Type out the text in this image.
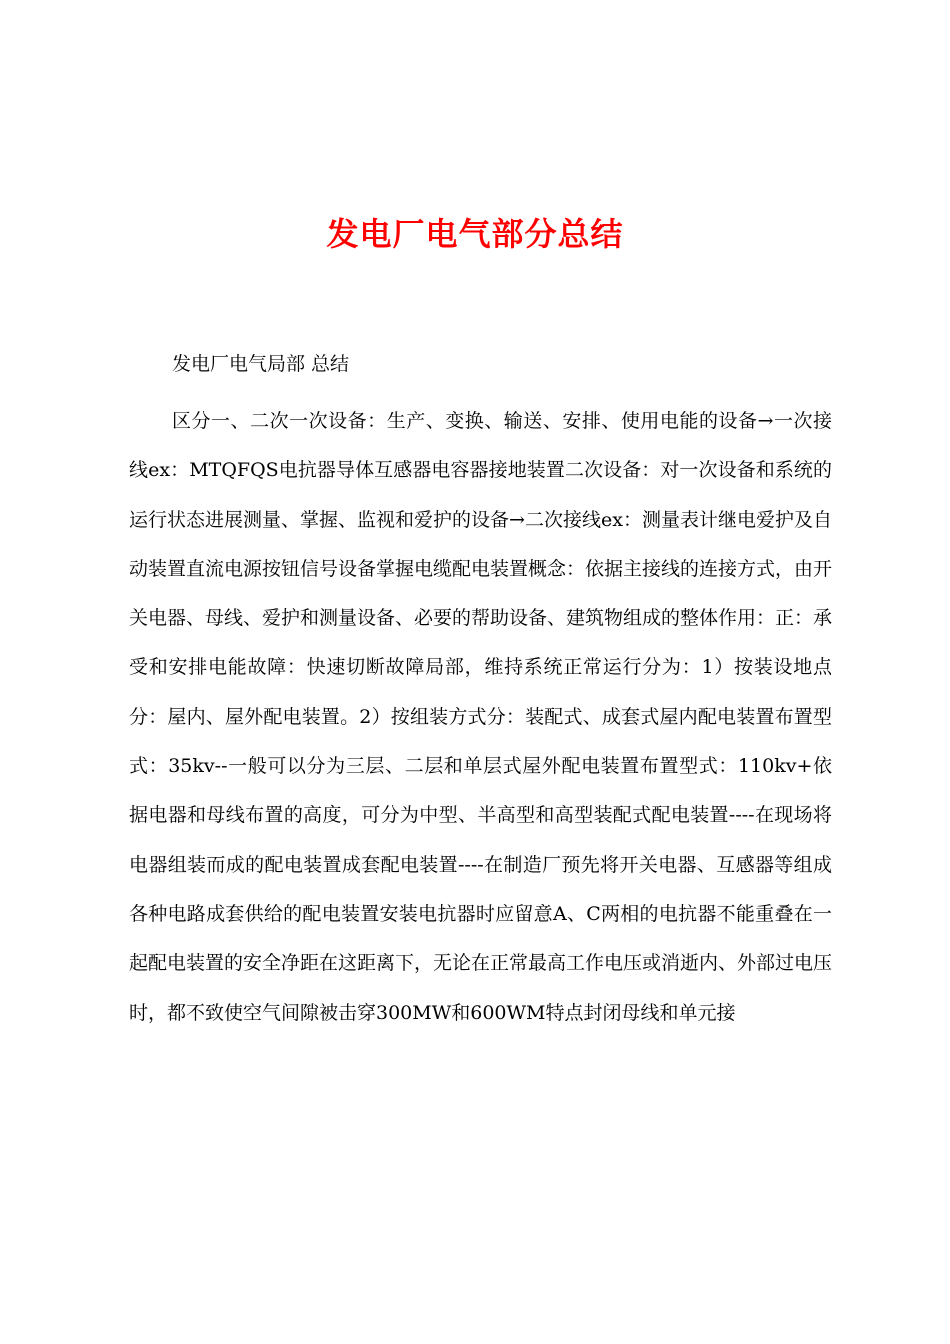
发电厂电气部分总结

发电厂电气局部 总结

区分一、二次一次设备：生产、变换、输送、安排、使用电能的设备→一次接线ex：MTQFQS电抗器导体互感器电容器接地装置二次设备：对一次设备和系统的运行状态进展测量、掌握、监视和爱护的设备→二次接线ex：测量表计继电爱护及自动装置直流电源按钮信号设备掌握电缆配电装置概念：依据主接线的连接方式，由开关电器、母线、爱护和测量设备、必要的帮助设备、建筑物组成的整体作用：正：承受和安排电能故障：快速切断故障局部，维持系统正常运行分为：1）按装设地点分：屋内、屋外配电装置。2）按组装方式分：装配式、成套式屋内配电装置布置型式：35kv--一般可以分为三层、二层和单层式屋外配电装置布置型式：110kv+依据电器和母线布置的高度，可分为中型、半高型和高型装配式配电装置----在现场将电器组装而成的配电装置成套配电装置----在制造厂预先将开关电器、互感器等组成各种电路成套供给的配电装置安装电抗器时应留意A、C两相的电抗器不能重叠在一起配电装置的安全净距在这距离下，无论在正常最高工作电压或消逝内、外部过电压时，都不致使空气间隙被击穿300MW和600WM特点封闭母线和单元接
